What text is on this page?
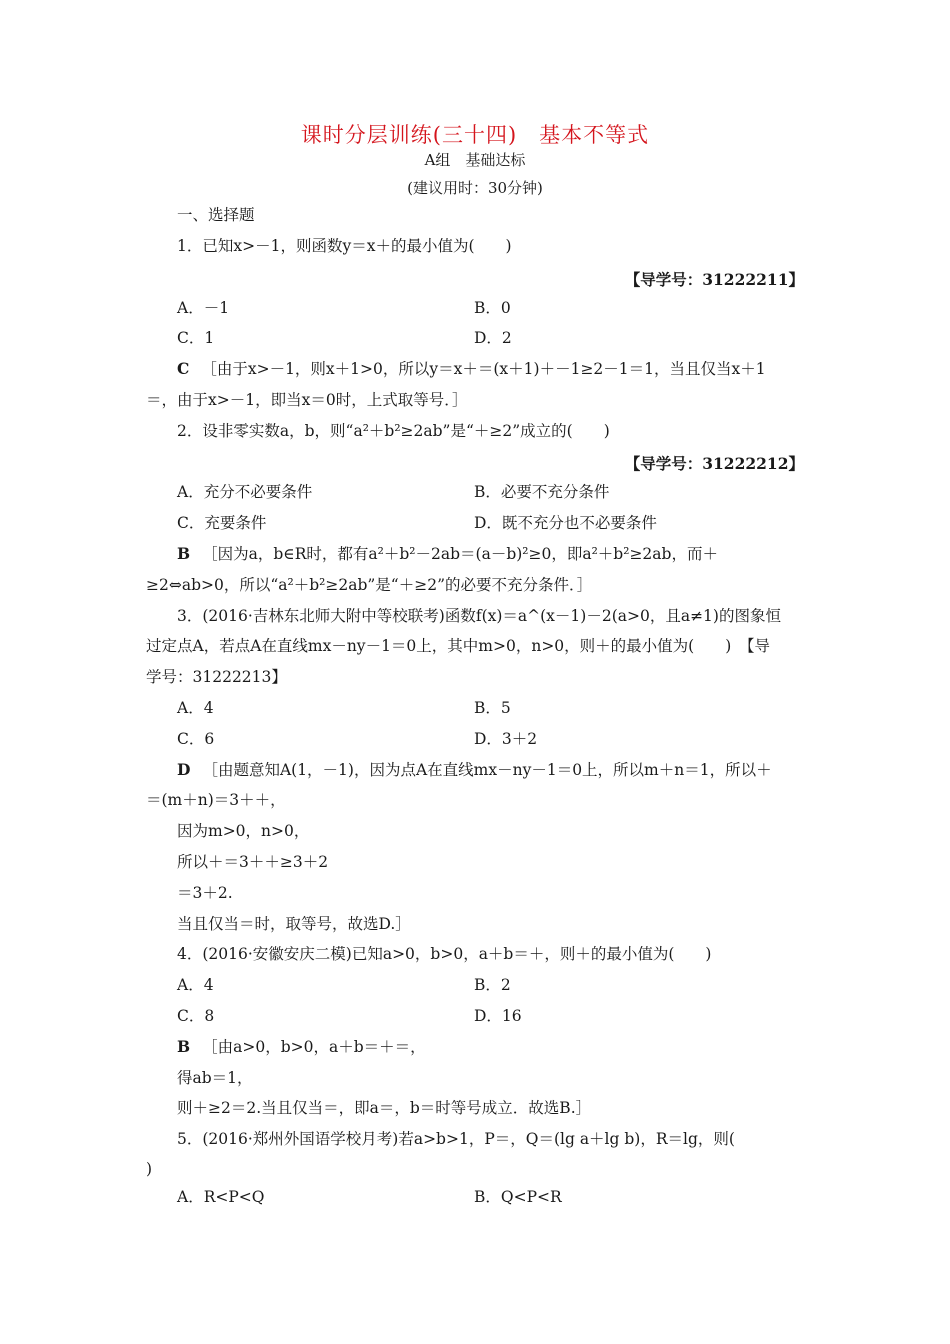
课时分层训练(三十四)　基本不等式
A组　基础达标
(建议用时：30分钟)
一、选择题
1．已知x>－1，则函数y＝x＋的最小值为(　　)
【导学号：31222211】
A．－1	B．0
C．1	D．2
C ［由于x>－1，则x＋1>0，所以y＝x＋＝(x＋1)＋－1≥2－1＝1，当且仅当x＋1
＝，由于x>－1，即当x＝0时，上式取等号．］
2．设非零实数a，b，则“a²＋b²≥2ab”是“＋≥2”成立的(　　)
【导学号：31222212】
A．充分不必要条件	B．必要不充分条件
C．充要条件	D．既不充分也不必要条件
B ［因为a，b∈R时，都有a²＋b²－2ab＝(a－b)²≥0，即a²＋b²≥2ab，而＋
≥2⇔ab>0，所以“a²＋b²≥2ab”是“＋≥2”的必要不充分条件．］
3．(2016·吉林东北师大附中等校联考)函数f(x)＝a^(x－1)－2(a>0，且a≠1)的图象恒
过定点A，若点A在直线mx－ny－1＝0上，其中m>0，n>0，则＋的最小值为(　　)　【导
学号：31222213】
A．4	B．5
C．6	D．3＋2
D ［由题意知A(1，－1)，因为点A在直线mx－ny－1＝0上，所以m＋n＝1，所以＋
＝(m＋n)＝3＋＋，
因为m>0，n>0，
所以＋＝3＋＋≥3＋2
＝3＋2.
当且仅当＝时，取等号，故选D.］
4．(2016·安徽安庆二模)已知a>0，b>0，a＋b＝＋，则＋的最小值为(　　)
A．4	B．2
C．8	D．16
B ［由a>0，b>0，a＋b＝＋＝，
得ab＝1，
则＋≥2＝2.当且仅当＝，即a＝，b＝时等号成立．故选B.］
5．(2016·郑州外国语学校月考)若a>b>1，P＝，Q＝(lg a＋lg b)，R＝lg，则(
)
A．R<P<Q	B．Q<P<R
